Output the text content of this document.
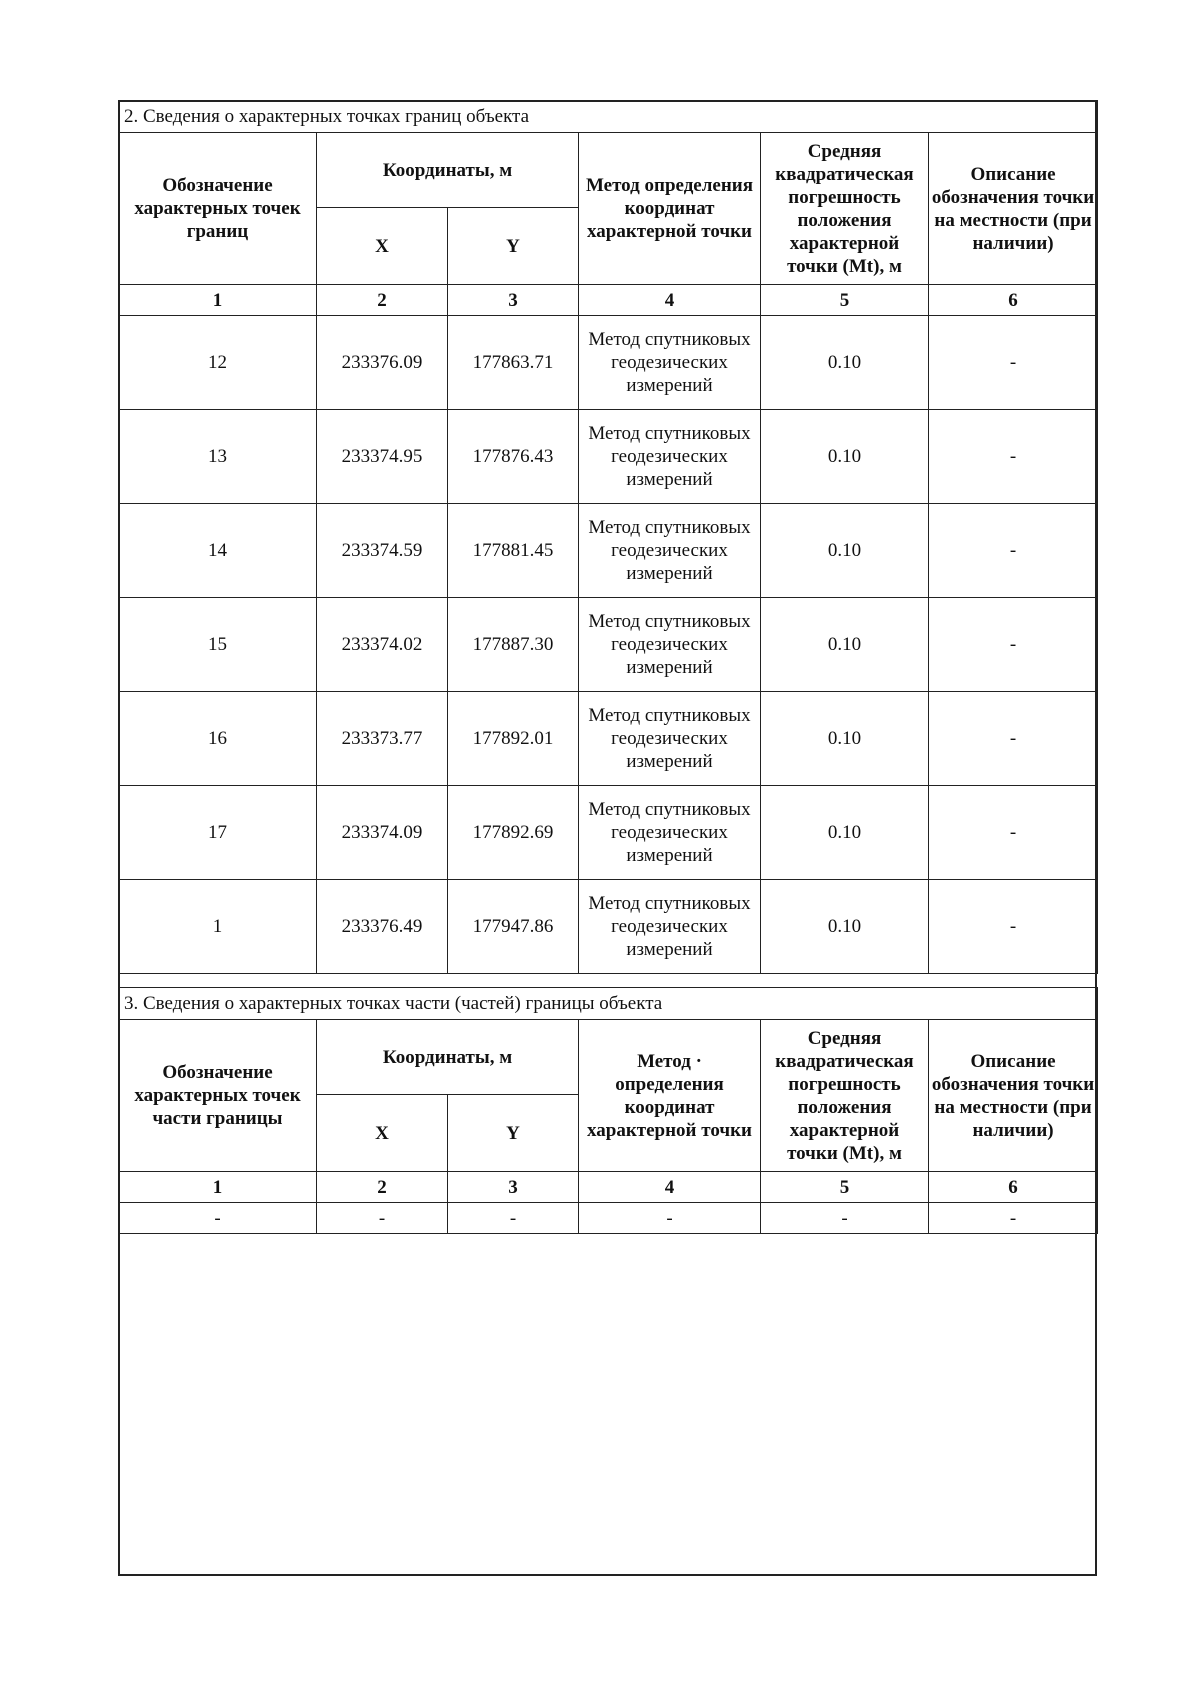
2. Сведения о характерных точках границ объекта					
Обозначение характерных точек границ	Координаты, м		Метод определения координат характерной точки	Средняя квадратическая погрешность положения характерной точки (Mt), м	Описание обозначения точки на местности (при наличии)
	X	Y			
1	2	3	4	5	6
12	233376.09	177863.71	Метод спутниковых геодезических измерений	0.10	-
13	233374.95	177876.43	Метод спутниковых геодезических измерений	0.10	-
14	233374.59	177881.45	Метод спутниковых геодезических измерений	0.10	-
15	233374.02	177887.30	Метод спутниковых геодезических измерений	0.10	-
16	233373.77	177892.01	Метод спутниковых геодезических измерений	0.10	-
17	233374.09	177892.69	Метод спутниковых геодезических измерений	0.10	-
1	233376.49	177947.86	Метод спутниковых геодезических измерений	0.10	-
3. Сведения о характерных точках части (частей) границы объекта					
Обозначение характерных точек части границы	Координаты, м		Метод · определения координат характерной точки	Средняя квадратическая погрешность положения характерной точки (Mt), м	Описание обозначения точки на местности (при наличии)
	X	Y			
1	2	3	4	5	6
-	-	-	-	-	-
